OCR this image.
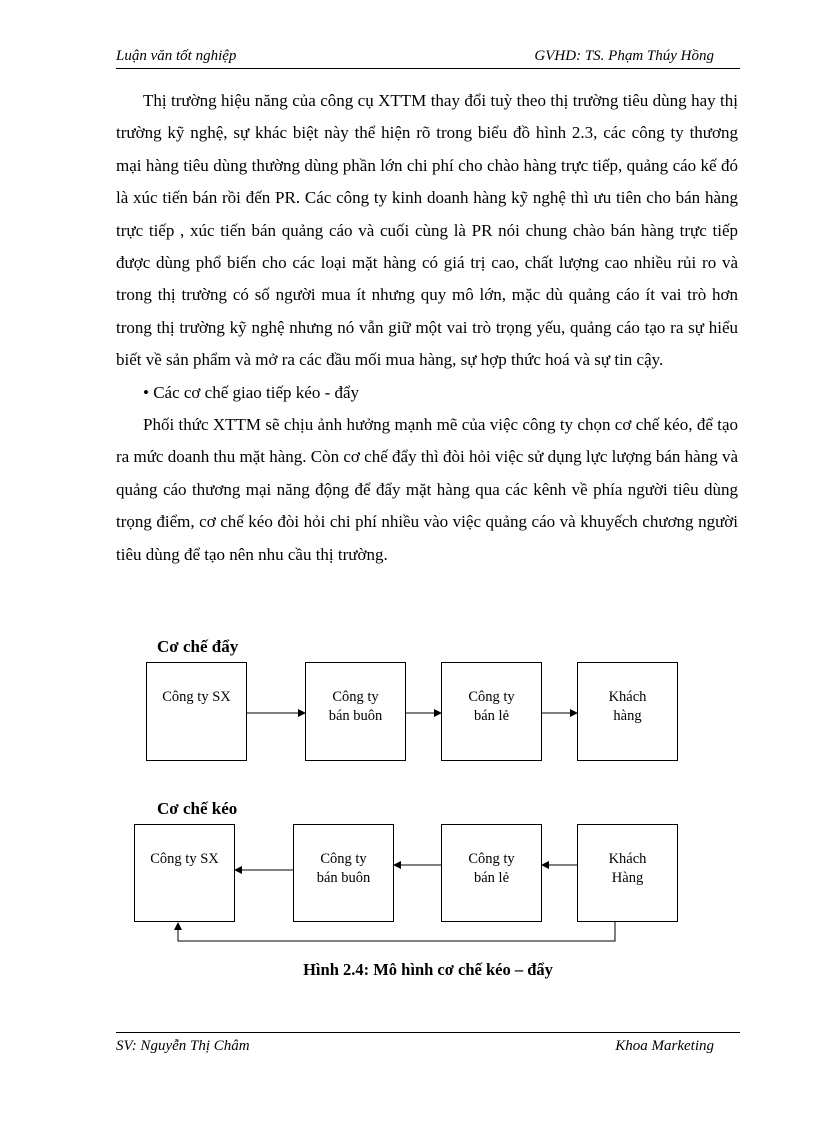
Luận văn tốt nghiệp	GVHD: TS. Phạm Thúy Hồng

Thị trường hiệu năng của công cụ XTTM thay đổi tuỳ theo thị trường tiêu dùng hay thị trường kỹ nghệ, sự khác biệt này thể hiện rõ trong biểu đồ hình 2.3, các công ty thương mại hàng tiêu dùng thường dùng phần lớn chi phí cho chào hàng trực tiếp, quảng cáo kế đó là xúc tiến bán rồi đến PR. Các công ty kinh doanh hàng kỹ nghệ thì ưu tiên cho bán hàng trực tiếp , xúc tiến bán quảng cáo và cuối cùng là PR nói chung chào bán hàng trực tiếp được dùng phổ biến cho các loại mặt hàng có giá trị cao, chất lượng cao nhiều rủi ro và trong thị trường có số người mua ít nhưng quy mô lớn, mặc dù quảng cáo ít vai trò hơn trong thị trường kỹ nghệ nhưng nó vẫn giữ một vai trò trọng yếu, quảng cáo tạo ra sự hiểu biết về sản phẩm và mở ra các đầu mối mua hàng, sự hợp thức hoá và sự tin cậy.

• Các cơ chế giao tiếp kéo - đẩy

Phối thức XTTM sẽ chịu ảnh hưởng mạnh mẽ của việc công ty chọn cơ chế kéo, để tạo ra mức doanh thu mặt hàng. Còn cơ chế đẩy thì đòi hỏi việc sử dụng lực lượng bán hàng và quảng cáo thương mại năng động để đẩy mặt hàng qua các kênh về phía người tiêu dùng trọng điểm, cơ chế kéo đòi hỏi chi phí nhiều vào việc quảng cáo và khuyếch chương người tiêu dùng để tạo nên nhu cầu thị trường.

Cơ chế đẩy
Công ty SX	Công ty
bán buôn
Công ty
bán lẻ
Khách
hàng
Cơ chế kéo
Công ty SX	Công ty
bán buôn
Công ty
bán lẻ
Khách
Hàng
Hình 2.4: Mô hình cơ chế kéo – đẩy
SV: Nguyễn Thị Châm	Khoa Marketing
